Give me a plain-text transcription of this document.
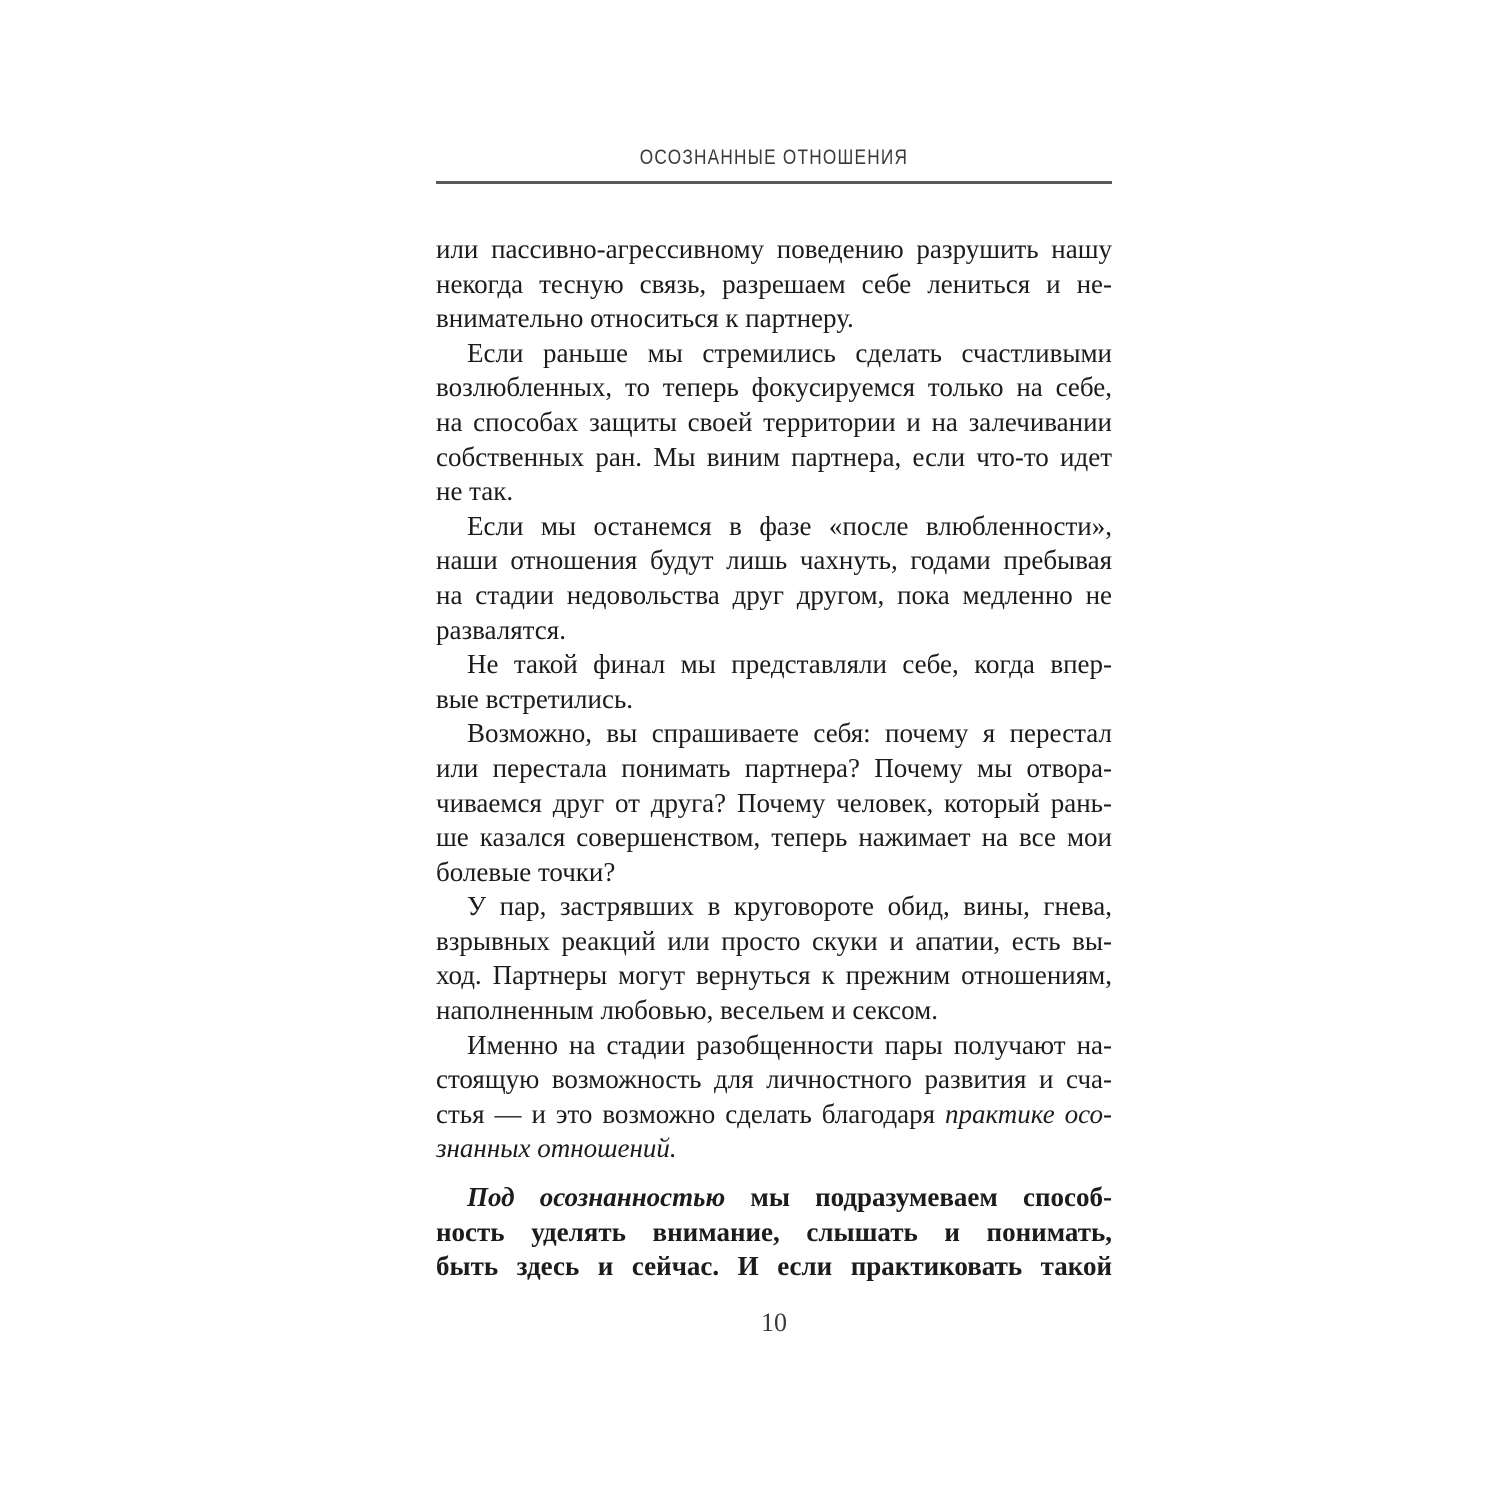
ОСОЗНАННЫЕ ОТНОШЕНИЯ
или пассивно-агрессивному поведению разрушить нашу
некогда тесную связь, разрешаем себе лениться и не-
внимательно относиться к партнеру.
Если раньше мы стремились сделать счастливыми
возлюбленных, то теперь фокусируемся только на себе,
на способах защиты своей территории и на залечивании
собственных ран. Мы виним партнера, если что-то идет
не так.
Если мы останемся в фазе «после влюбленности»,
наши отношения будут лишь чахнуть, годами пребывая
на стадии недовольства друг другом, пока медленно не
развалятся.
Не такой финал мы представляли себе, когда впер-
вые встретились.
Возможно, вы спрашиваете себя: почему я перестал
или перестала понимать партнера? Почему мы отвора-
чиваемся друг от друга? Почему человек, который рань-
ше казался совершенством, теперь нажимает на все мои
болевые точки?
У пар, застрявших в круговороте обид, вины, гнева,
взрывных реакций или просто скуки и апатии, есть вы-
ход. Партнеры могут вернуться к прежним отношениям,
наполненным любовью, весельем и сексом.
Именно на стадии разобщенности пары получают на-
стоящую возможность для личностного развития и сча-
стья — и это возможно сделать благодаря практике осо-
знанных отношений.
Под осознанностью мы подразумеваем способ-
ность уделять внимание, слышать и понимать,
быть здесь и сейчас. И если практиковать такой
10
